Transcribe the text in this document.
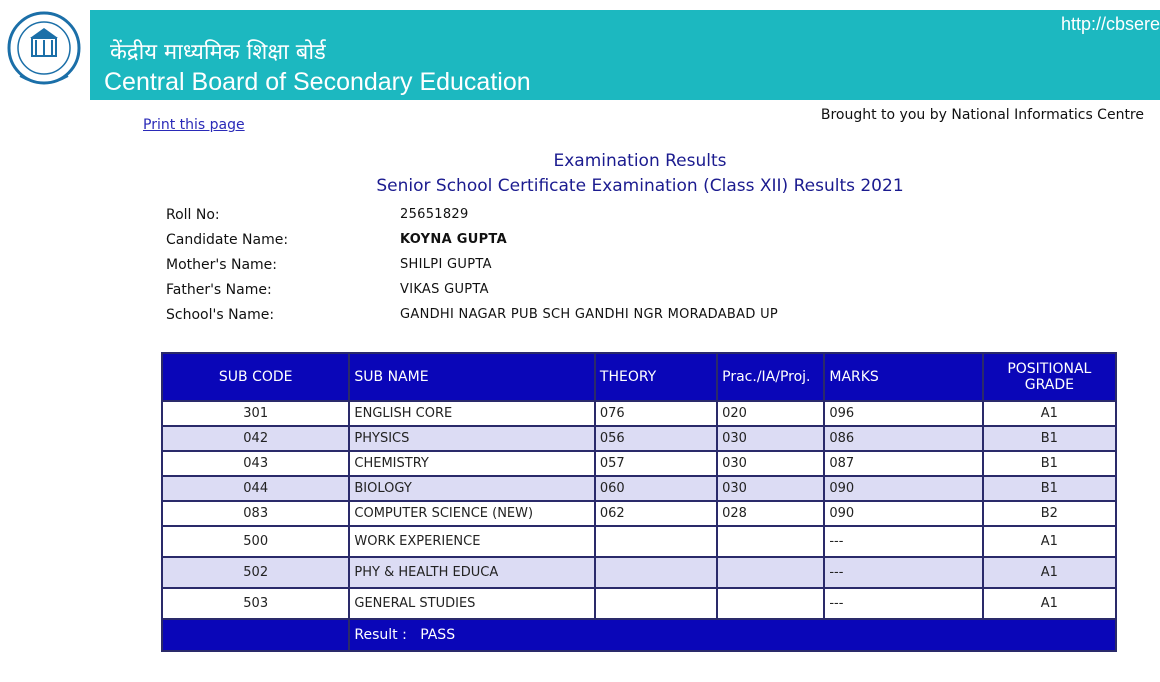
केंद्रीय माध्यमिक शिक्षा बोर्ड
Central Board of Secondary Education
http://cbsere
Print this page
Brought to you by National Informatics Centre
Examination Results
Senior School Certificate Examination (Class XII) Results 2021
Roll No:	25651829
Candidate Name:	KOYNA GUPTA
Mother's Name:	SHILPI GUPTA
Father's Name:	VIKAS GUPTA
School's Name:	GANDHI NAGAR PUB SCH GANDHI NGR MORADABAD UP
SUB CODE	SUB NAME	THEORY	Prac./IA/Proj.	MARKS	POSITIONAL
GRADE
301	ENGLISH CORE	076	020	096	A1
042	PHYSICS	056	030	086	B1
043	CHEMISTRY	057	030	087	B1
044	BIOLOGY	060	030	090	B1
083	COMPUTER SCIENCE (NEW)	062	028	090	B2
500	WORK EXPERIENCE			---	A1
502	PHY & HEALTH EDUCA			---	A1
503	GENERAL STUDIES			---	A1
	Result : PASS				
